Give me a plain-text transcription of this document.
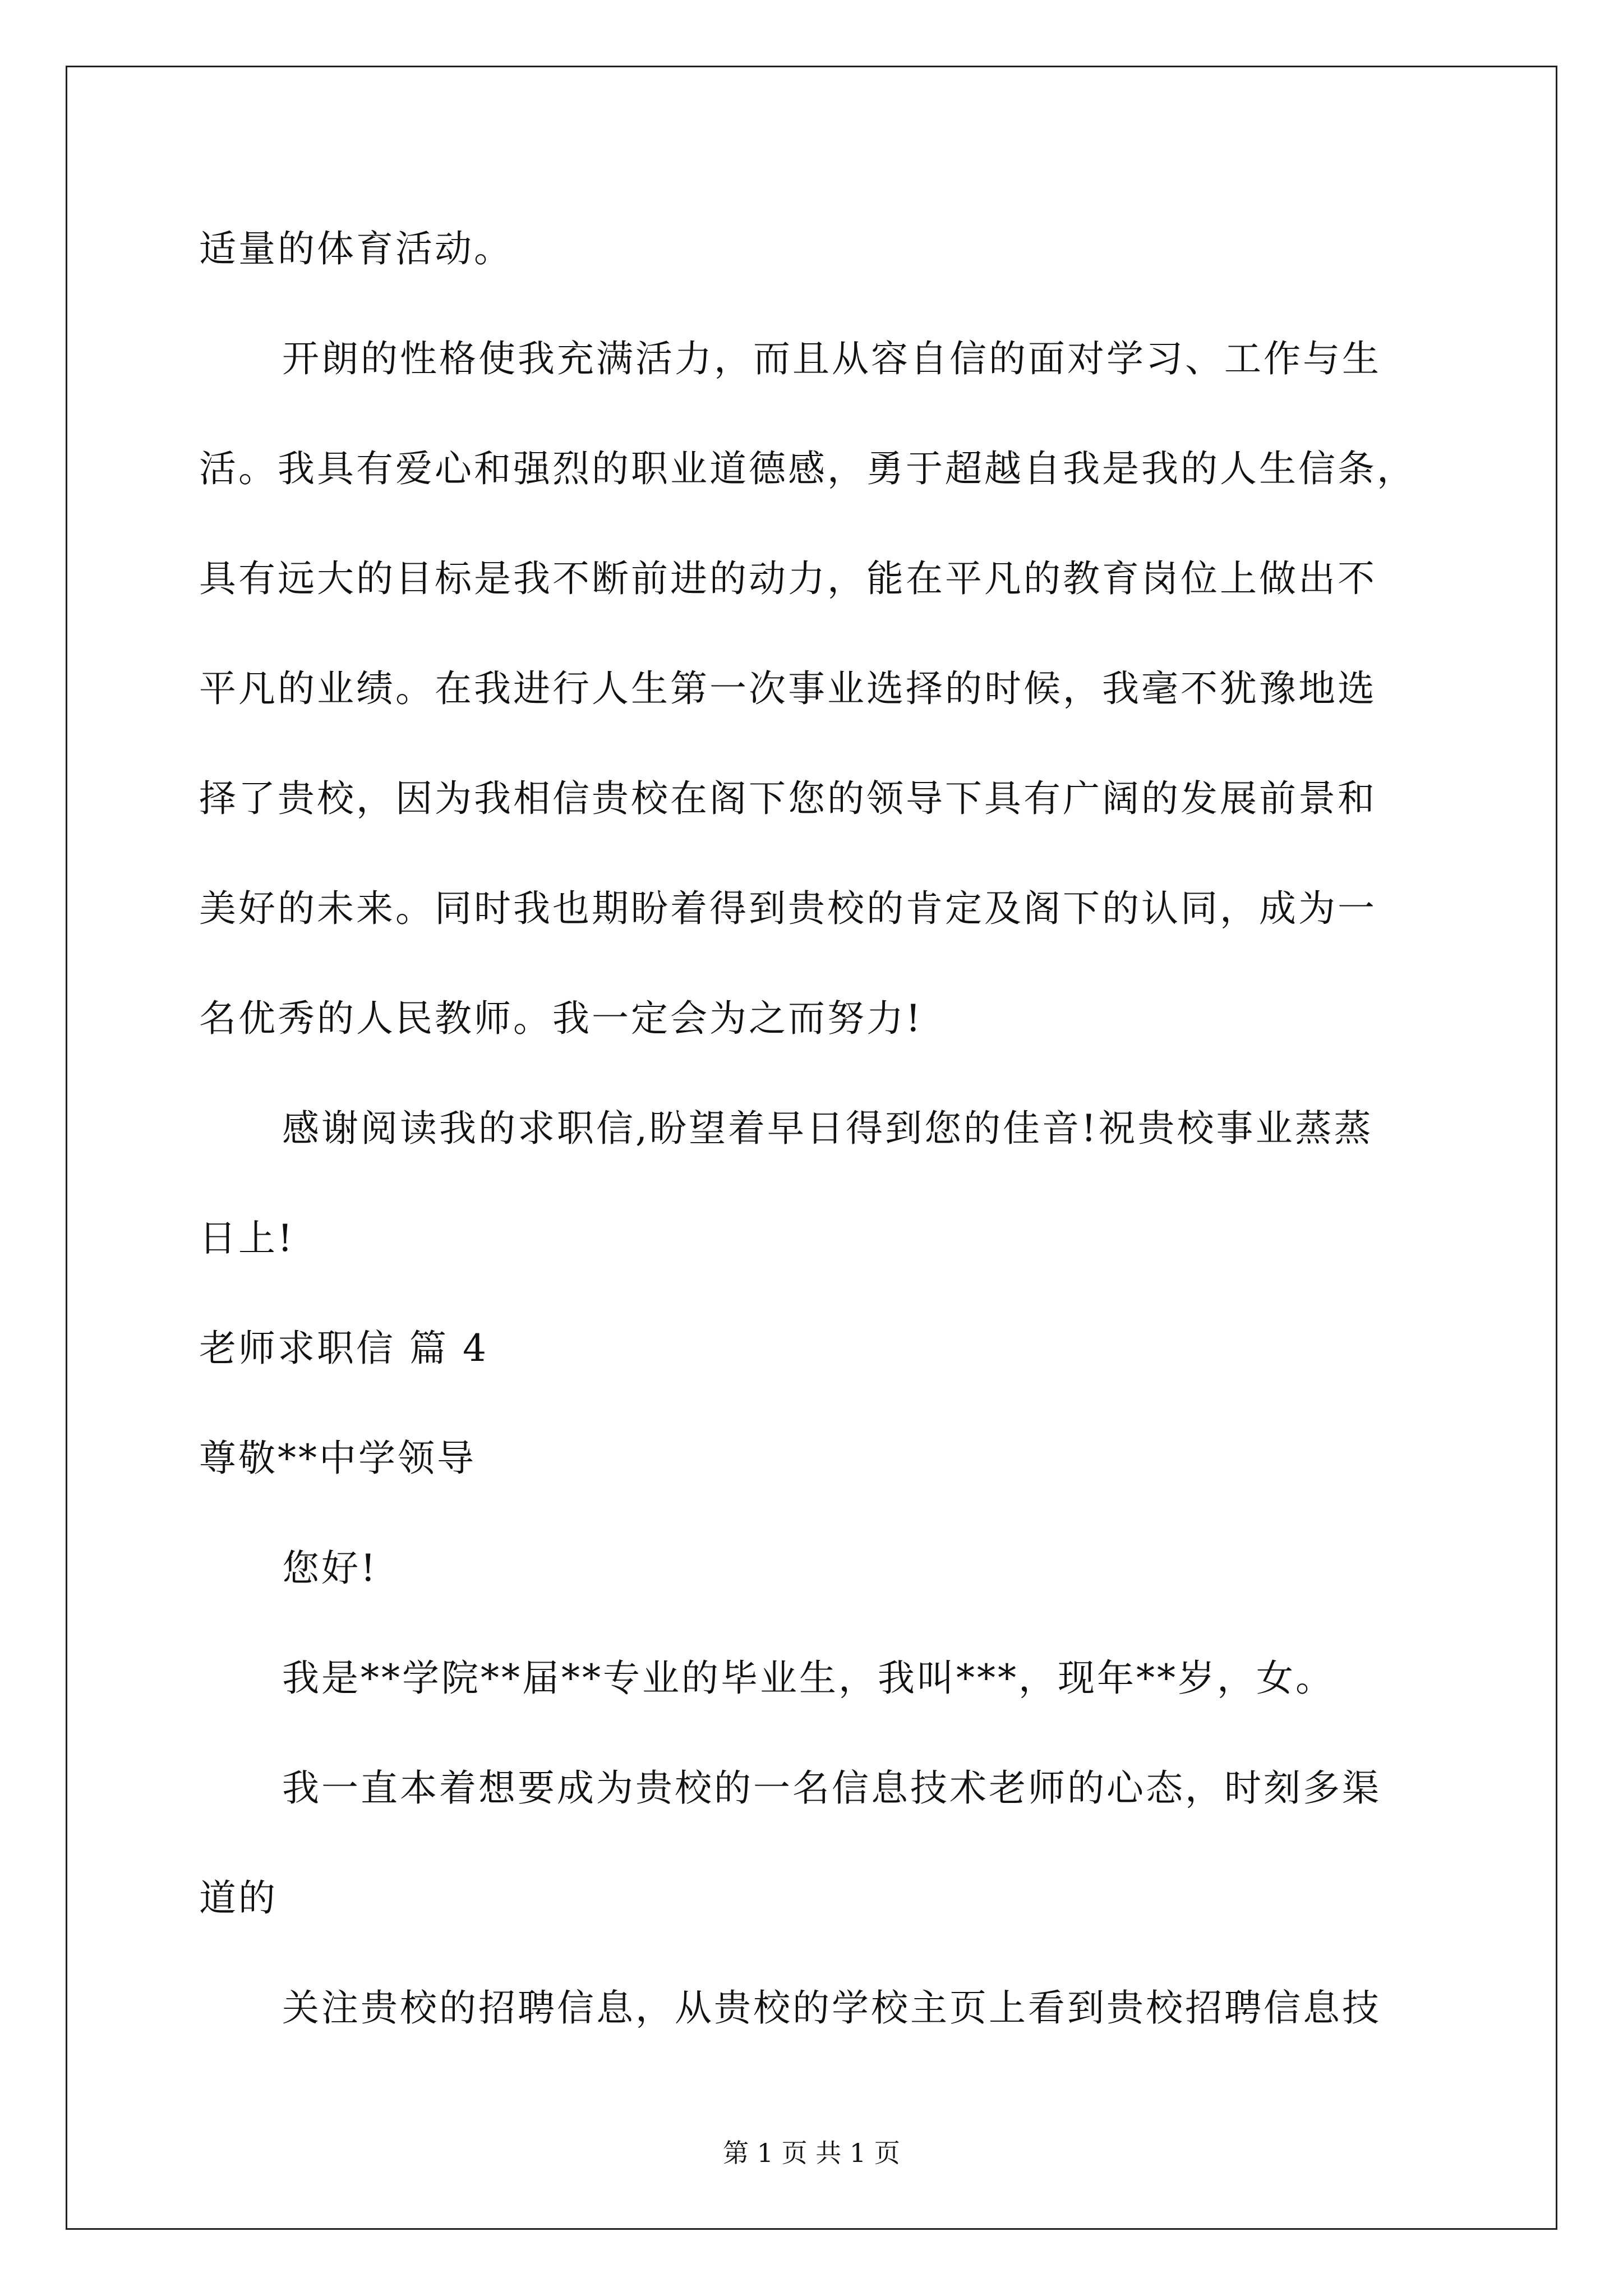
适量的体育活动。
开朗的性格使我充满活力，而且从容自信的面对学习、工作与生
活。我具有爱心和强烈的职业道德感，勇于超越自我是我的人生信条，
具有远大的目标是我不断前进的动力，能在平凡的教育岗位上做出不
平凡的业绩。在我进行人生第一次事业选择的时候，我毫不犹豫地选
择了贵校，因为我相信贵校在阁下您的领导下具有广阔的发展前景和
美好的未来。同时我也期盼着得到贵校的肯定及阁下的认同，成为一
名优秀的人民教师。我一定会为之而努力!
感谢阅读我的求职信,盼望着早日得到您的佳音!祝贵校事业蒸蒸
日上!
老师求职信 篇 4
尊敬**中学领导
您好!
我是**学院**届**专业的毕业生，我叫***，现年**岁，女。
我一直本着想要成为贵校的一名信息技术老师的心态，时刻多渠
道的
关注贵校的招聘信息，从贵校的学校主页上看到贵校招聘信息技
第 1 页 共 1 页
